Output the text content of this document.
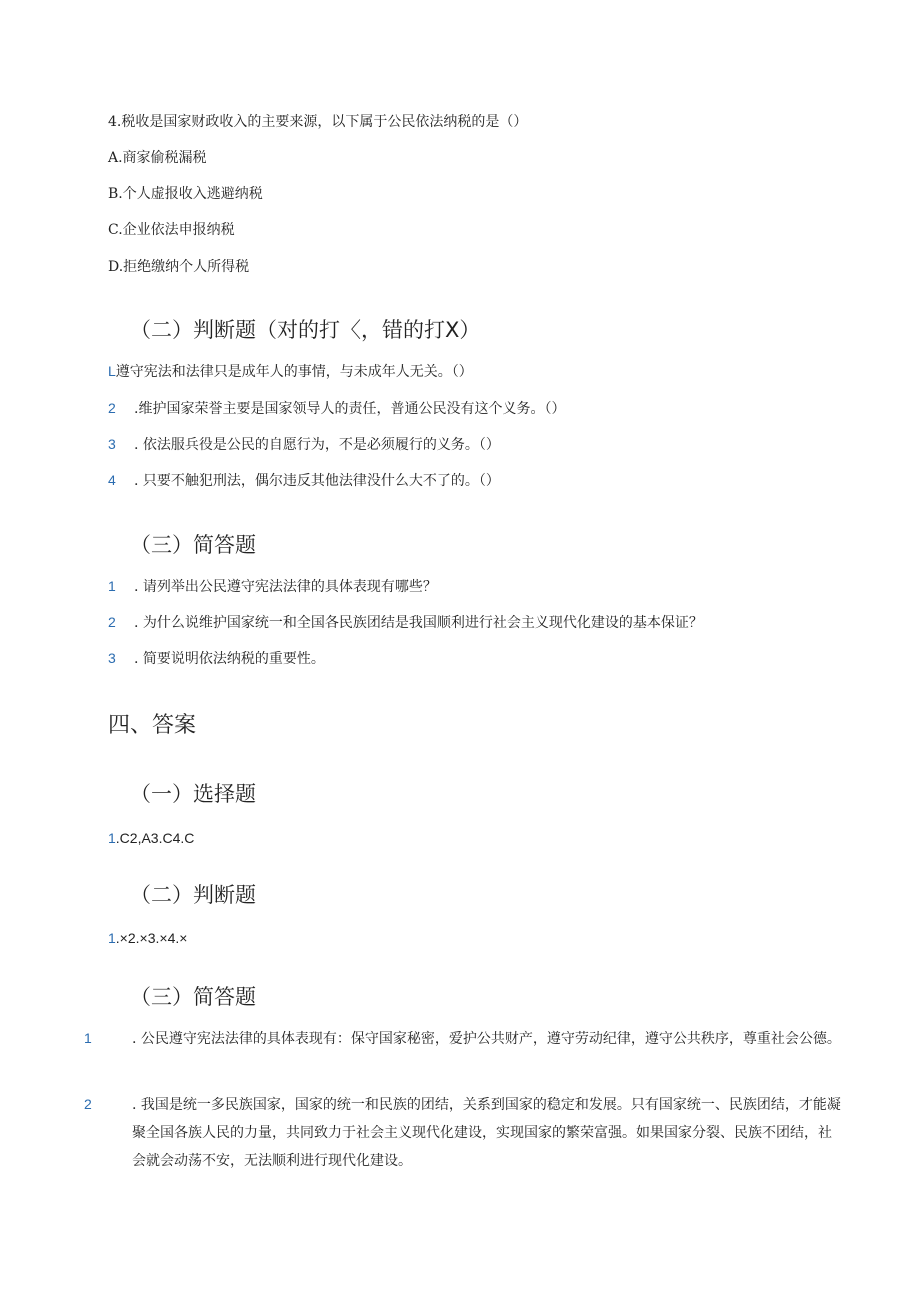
4.税收是国家财政收入的主要来源，以下属于公民依法纳税的是（）
A.商家偷税漏税
B.个人虚报收入逃避纳税
C.企业依法申报纳税
D.拒绝缴纳个人所得税
（二）判断题（对的打〈，错的打X）
L遵守宪法和法律只是成年人的事情，与未成年人无关。（）
2 .维护国家荣誉主要是国家领导人的责任，普通公民没有这个义务。（）
3 . 依法服兵役是公民的自愿行为，不是必须履行的义务。（）
4 . 只要不触犯刑法，偶尔违反其他法律没什么大不了的。（）
（三）简答题
1 . 请列举出公民遵守宪法法律的具体表现有哪些？
2 . 为什么说维护国家统一和全国各民族团结是我国顺利进行社会主义现代化建设的基本保证？
3 . 简要说明依法纳税的重要性。
四、答案
（一）选择题
1.C2,A3.C4.C
（二）判断题
1.×2.×3.×4.×
（三）简答题
1	. 公民遵守宪法法律的具体表现有：保守国家秘密，爱护公共财产，遵守劳动纪律，遵守公共秩序，尊重社会公德。
2	. 我国是统一多民族国家，国家的统一和民族的团结，关系到国家的稳定和发展。只有国家统一、民族团结，才能凝聚全国各族人民的力量，共同致力于社会主义现代化建设，实现国家的繁荣富强。如果国家分裂、民族不团结，社会就会动荡不安，无法顺利进行现代化建设。
